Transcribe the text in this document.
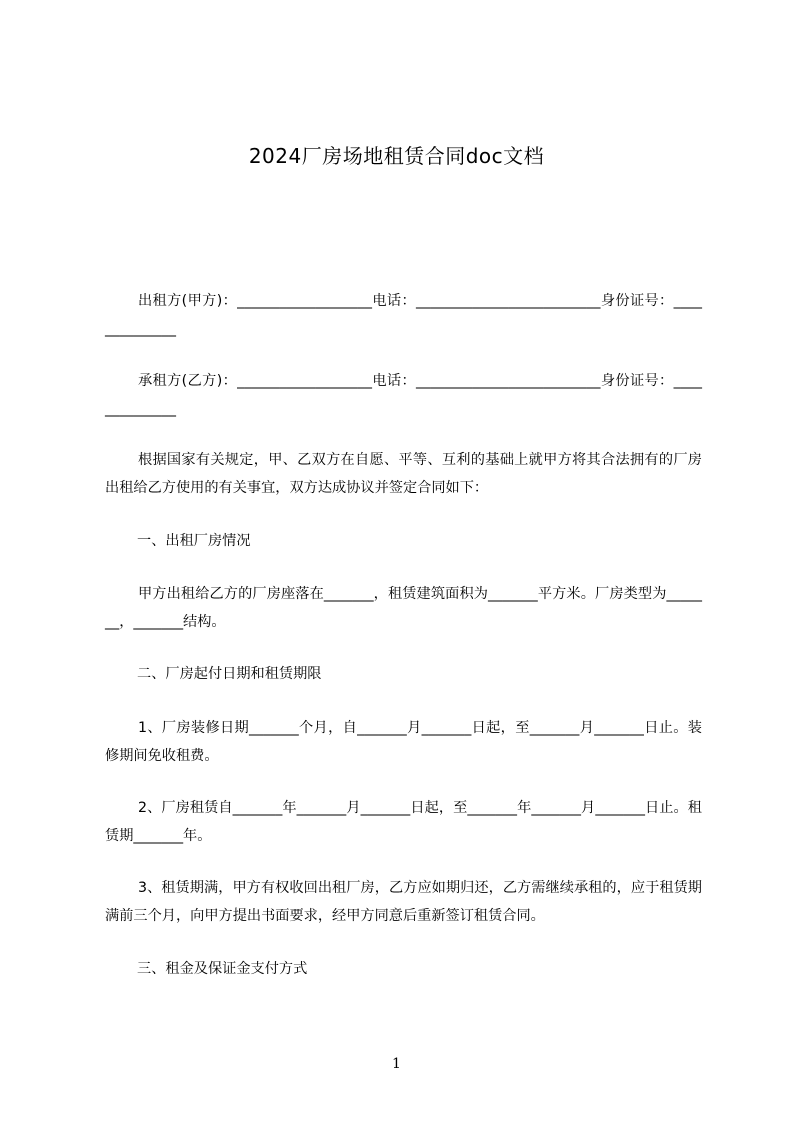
2024厂房场地租赁合同doc文档

出租方(甲方)：___________________电话：__________________________身份证号：______________

承租方(乙方)：___________________电话：__________________________身份证号：______________

根据国家有关规定，甲、乙双方在自愿、平等、互利的基础上就甲方将其合法拥有的厂房出租给乙方使用的有关事宜，双方达成协议并签定合同如下：

一、出租厂房情况

甲方出租给乙方的厂房座落在_______，租赁建筑面积为_______平方米。厂房类型为_______，_______结构。

二、厂房起付日期和租赁期限

1、厂房装修日期_______个月，自_______月_______日起，至_______月_______日止。装修期间免收租费。

2、厂房租赁自_______年_______月_______日起，至_______年_______月_______日止。租赁期_______年。

3、租赁期满，甲方有权收回出租厂房，乙方应如期归还，乙方需继续承租的，应于租赁期满前三个月，向甲方提出书面要求，经甲方同意后重新签订租赁合同。

三、租金及保证金支付方式

1
